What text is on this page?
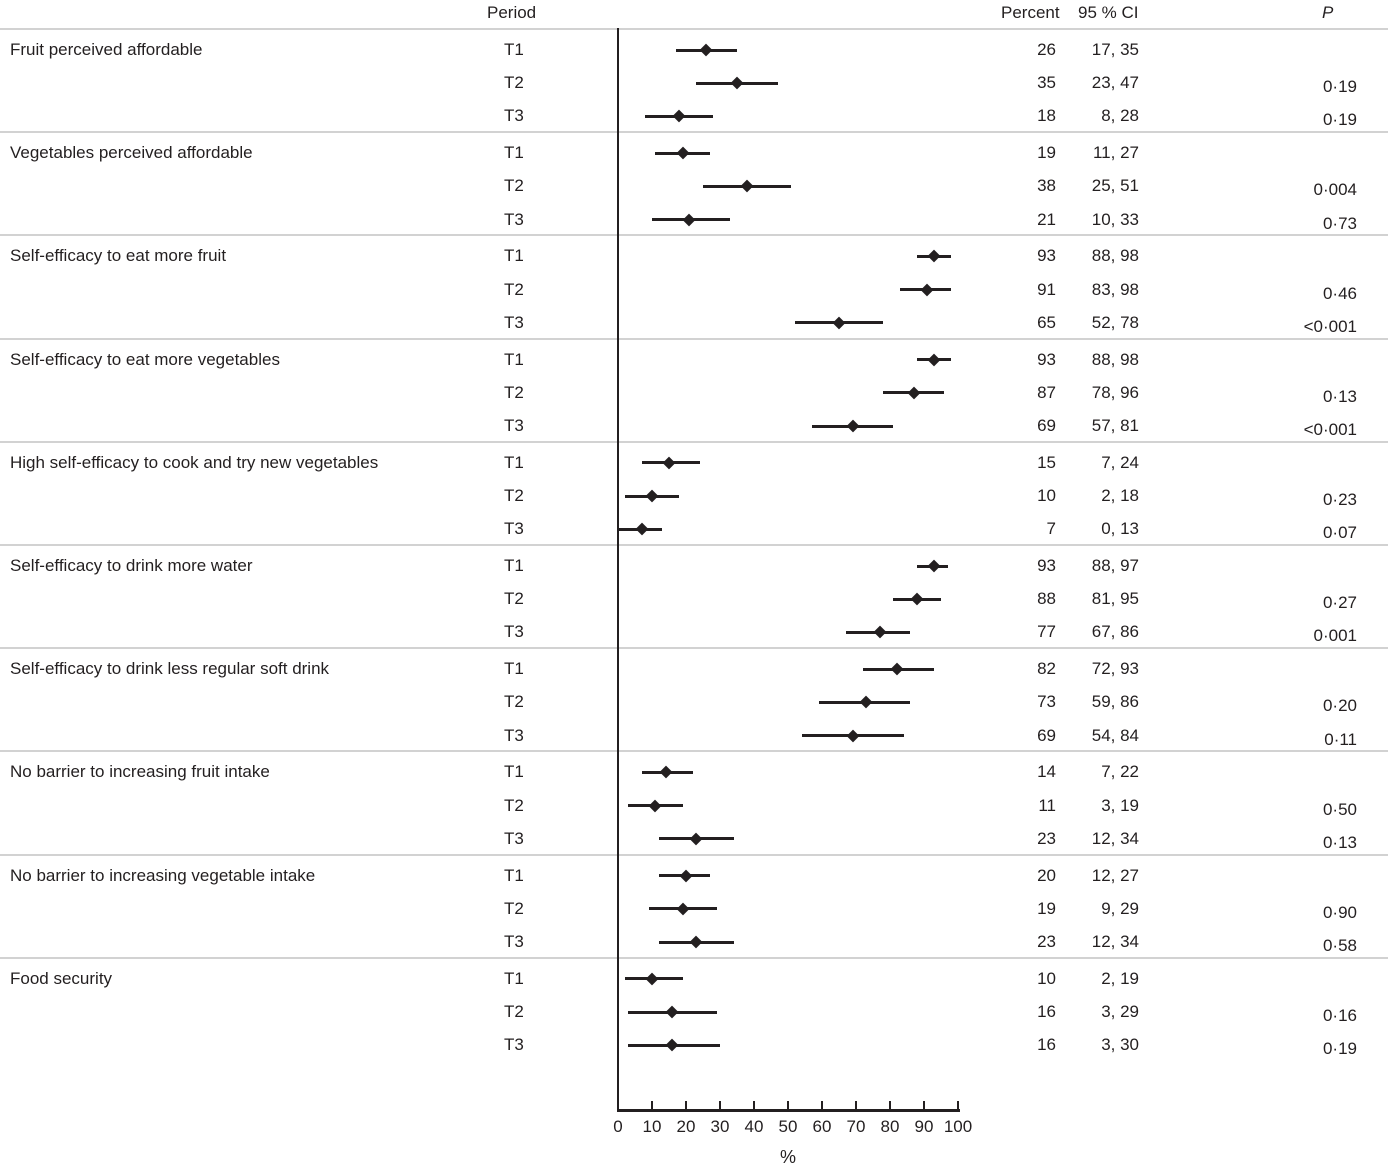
Period	Percent 95 % CI	P
Fruit perceived affordable	T1	26	17, 35
T2	35	23, 47	0·19
T3	18	8, 28	0·19
Vegetables perceived affordable	T1	19	11, 27
T2	38	25, 51	0·004
T3	21	10, 33	0·73
Self-efficacy to eat more fruit	T1	93	88, 98
T2	91	83, 98	0·46
T3	65	52, 78	<0·001
Self-efficacy to eat more vegetables	T1	93	88, 98
T2	87	78, 96	0·13
T3	69	57, 81	<0·001
High self-efficacy to cook and try new vegetables	T1	15	7, 24
T2	10	2, 18	0·23
T3	7	0, 13	0·07
Self-efficacy to drink more water	T1	93	88, 97
T2	88	81, 95	0·27
T3	77	67, 86	0·001
Self-efficacy to drink less regular soft drink	T1	82	72, 93
T2	73	59, 86	0·20
T3	69	54, 84	0·11
No barrier to increasing fruit intake	T1	14	7, 22
T2	11	3, 19	0·50
T3	23	12, 34	0·13
No barrier to increasing vegetable intake	T1	20	12, 27
T2	19	9, 29	0·90
T3	23	12, 34	0·58
Food security	T1	10	2, 19
T2	16	3, 29	0·16
T3	16	3, 30	0·19
0	10 20 30 40 50 60 70 80 90 100
%
